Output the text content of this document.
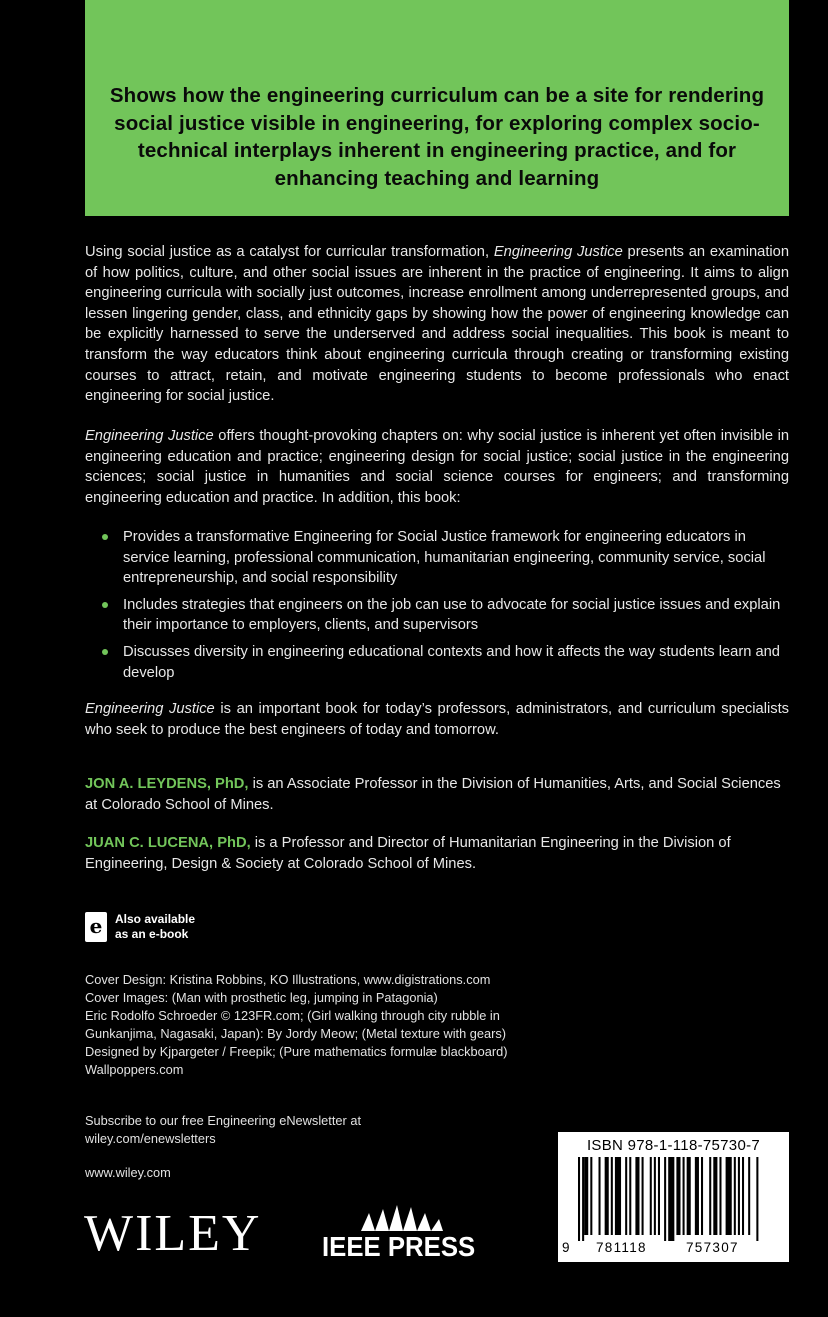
Shows how the engineering curriculum can be a site for rendering social justice visible in engineering, for exploring complex socio-technical interplays inherent in engineering practice, and for enhancing teaching and learning

Using social justice as a catalyst for curricular transformation, Engineering Justice presents an examination of how politics, culture, and other social issues are inherent in the practice of engineering. It aims to align engineering curricula with socially just outcomes, increase enrollment among underrepresented groups, and lessen lingering gender, class, and ethnicity gaps by showing how the power of engineering knowledge can be explicitly harnessed to serve the underserved and address social inequalities. This book is meant to transform the way educators think about engineering curricula through creating or transforming existing courses to attract, retain, and motivate engineering students to become professionals who enact engineering for social justice.

Engineering Justice offers thought-provoking chapters on: why social justice is inherent yet often invisible in engineering education and practice; engineering design for social justice; social justice in the engineering sciences; social justice in humanities and social science courses for engineers; and transforming engineering education and practice. In addition, this book:

Provides a transformative Engineering for Social Justice framework for engineering educators in service learning, professional communication, humanitarian engineering, community service, social entrepreneurship, and social responsibility
Includes strategies that engineers on the job can use to advocate for social justice issues and explain their importance to employers, clients, and supervisors
Discusses diversity in engineering educational contexts and how it affects the way students learn and develop

Engineering Justice is an important book for today’s professors, administrators, and curriculum specialists who seek to produce the best engineers of today and tomorrow.

JON A. LEYDENS, PhD, is an Associate Professor in the Division of Humanities, Arts, and Social Sciences at Colorado School of Mines.

JUAN C. LUCENA, PhD, is a Professor and Director of Humanitarian Engineering in the Division of Engineering, Design & Society at Colorado School of Mines.

e	Also available
as an e-book
Cover Design: Kristina Robbins, KO Illustrations, www.digistrations.com
Cover Images: (Man with prosthetic leg, jumping in Patagonia)
Eric Rodolfo Schroeder © 123FR.com; (Girl walking through city rubble in
Gunkanjima, Nagasaki, Japan): By Jordy Meow; (Metal texture with gears)
Designed by Kjpargeter / Freepik; (Pure mathematics formulæ blackboard)
Wallpoppers.com
Subscribe to our free Engineering eNewsletter at
wiley.com/enewsletters

www.wiley.com

WILEY IEEE PRESS
ISBN 978-1-118-75730-7
9 781118	757307
